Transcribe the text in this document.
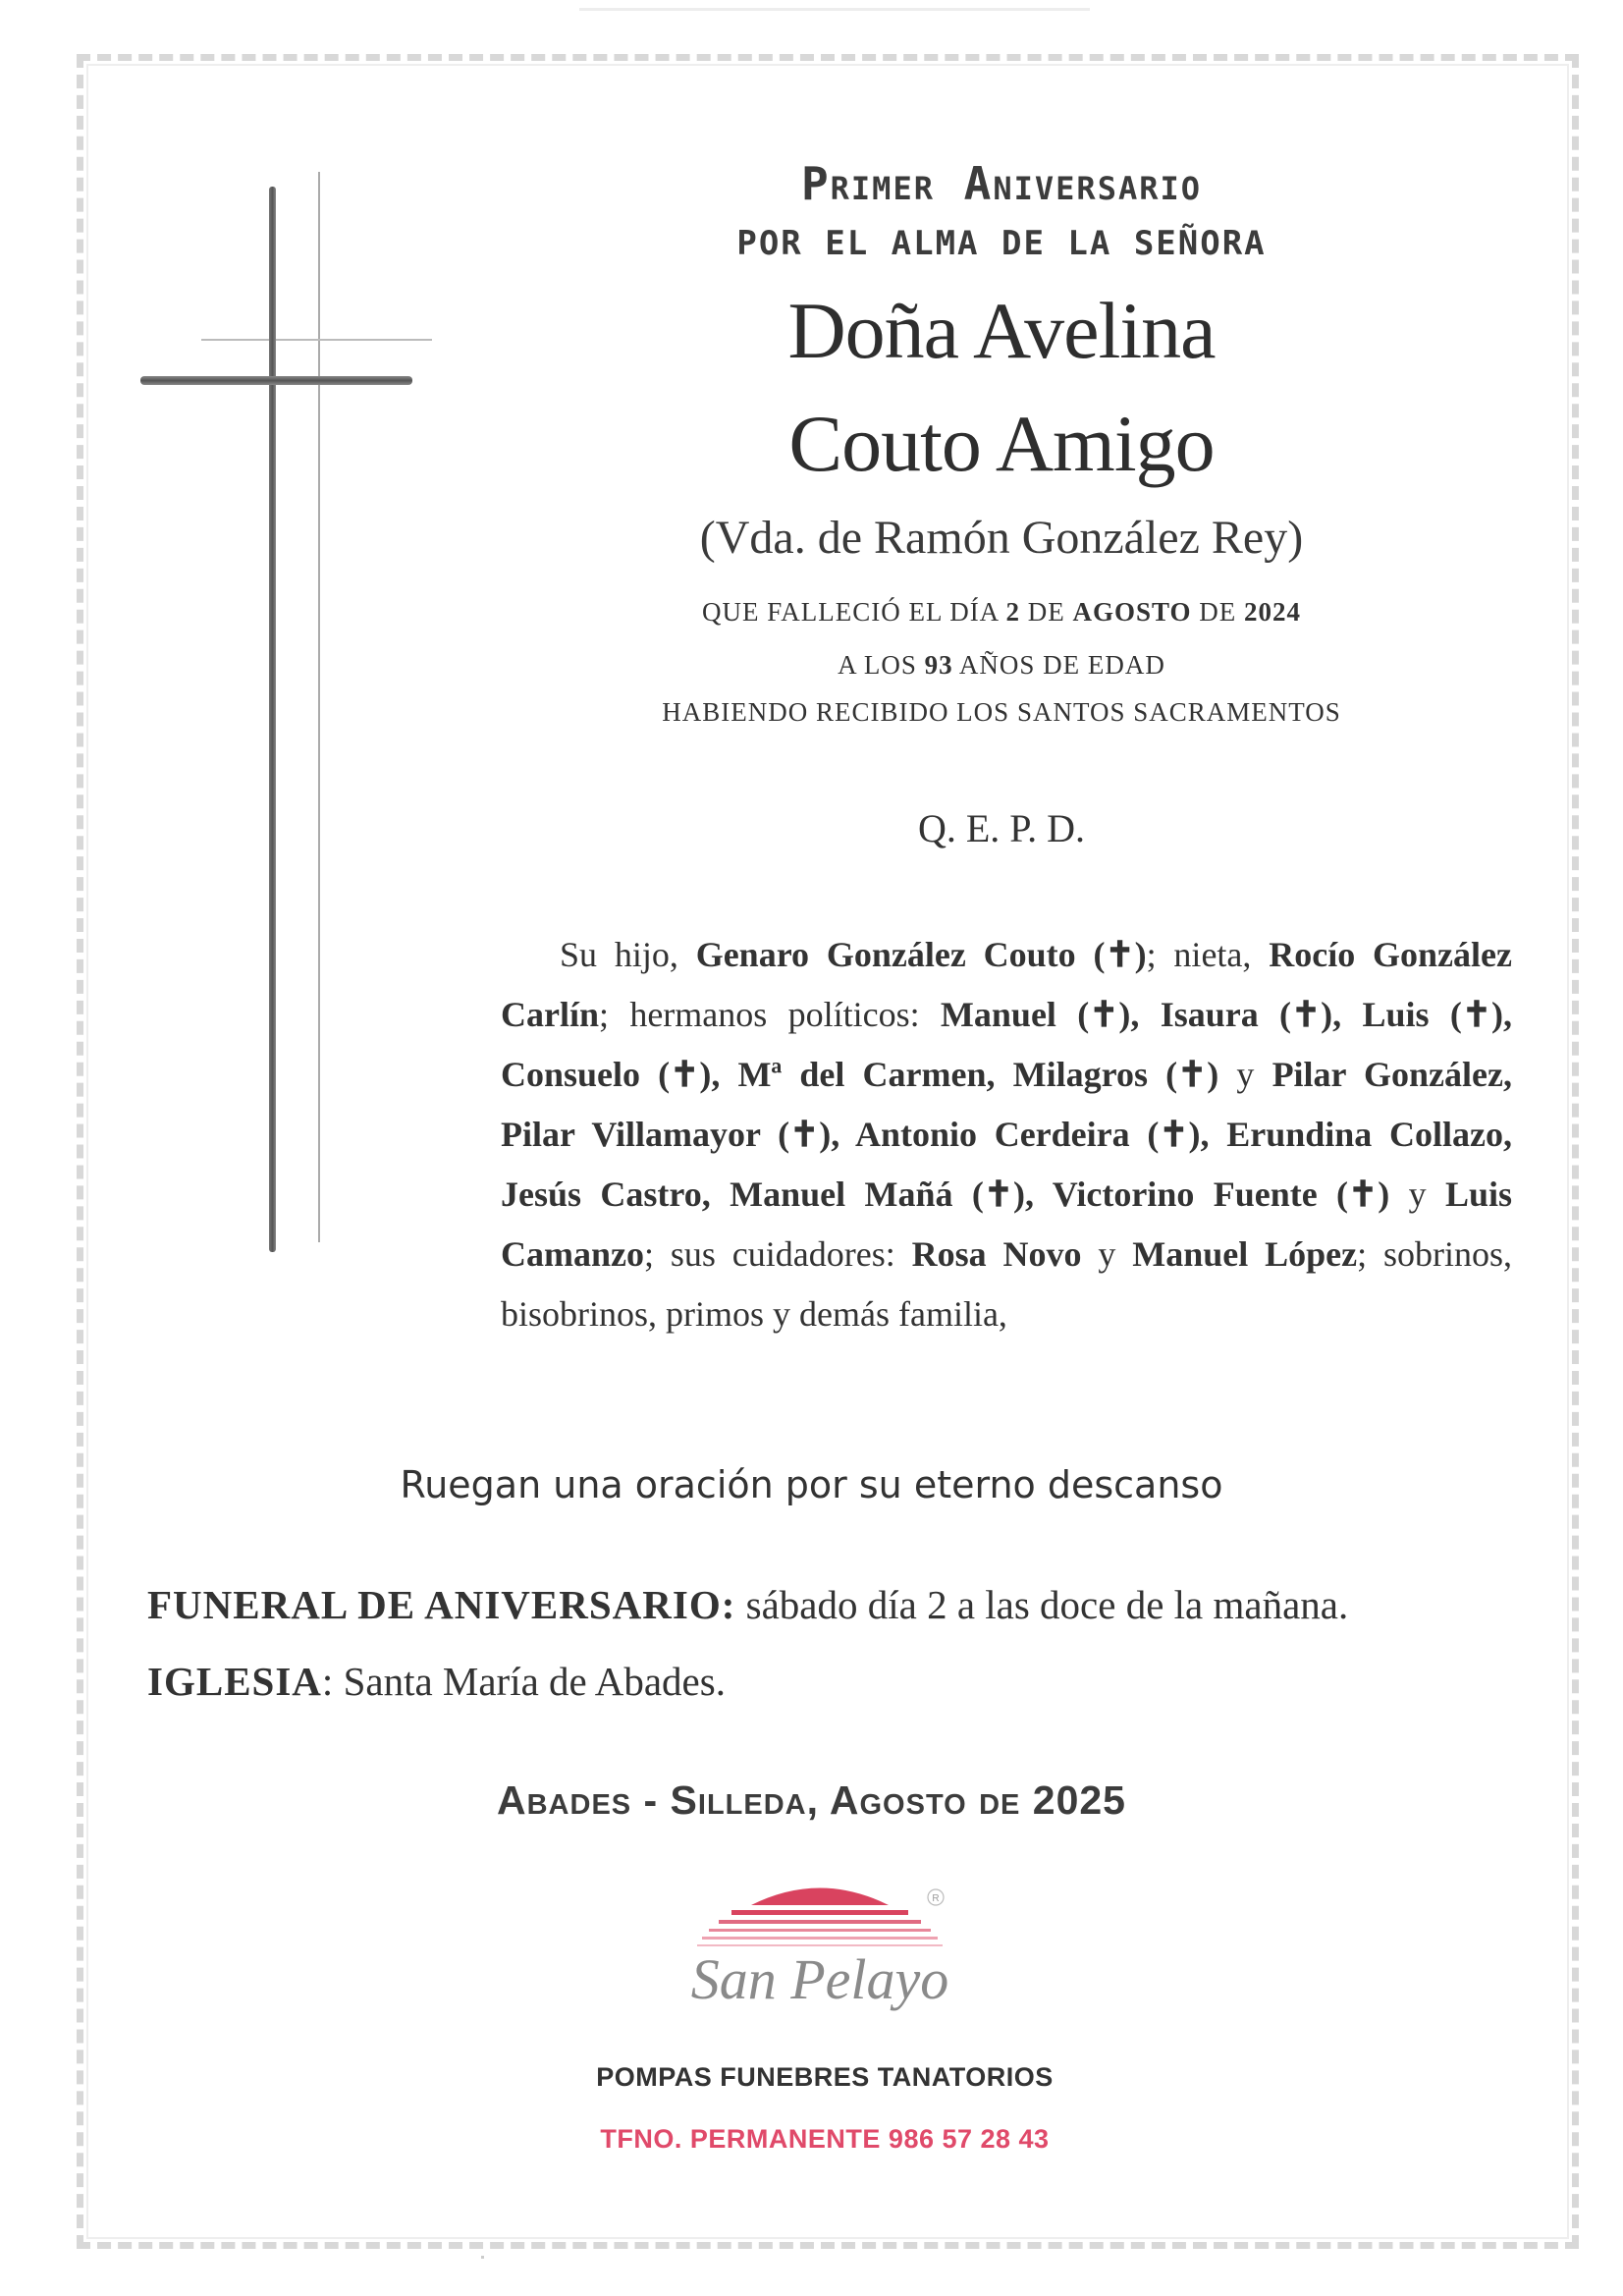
Primer Aniversario
POR EL ALMA DE LA SEÑORA
Doña Avelina
Couto Amigo
(Vda. de Ramón González Rey)
QUE FALLECIÓ EL DÍA 2 DE AGOSTO DE 2024
A LOS 93 AÑOS DE EDAD
HABIENDO RECIBIDO LOS SANTOS SACRAMENTOS
Q. E. P. D.
Su hijo, Genaro González Couto (✝); nieta, Rocío González Carlín; hermanos políticos: Manuel (✝), Isaura (✝), Luis (✝), Consuelo (✝), Mª del Carmen, Milagros (✝) y Pilar González, Pilar Villamayor (✝), Antonio Cerdeira (✝), Erundina Collazo, Jesús Castro, Manuel Mañá (✝), Victorino Fuente (✝) y Luis Camanzo; sus cuidadores: Rosa Novo y Manuel López; sobrinos, bisobrinos, primos y demás familia,
Ruegan una oración por su eterno descanso
FUNERAL DE ANIVERSARIO: sábado día 2 a las doce de la mañana.
IGLESIA: Santa María de Abades.
Abades - Silleda, Agosto de 2025
R
San Pelayo
POMPAS FUNEBRES TANATORIOS
TFNO. PERMANENTE 986 57 28 43
